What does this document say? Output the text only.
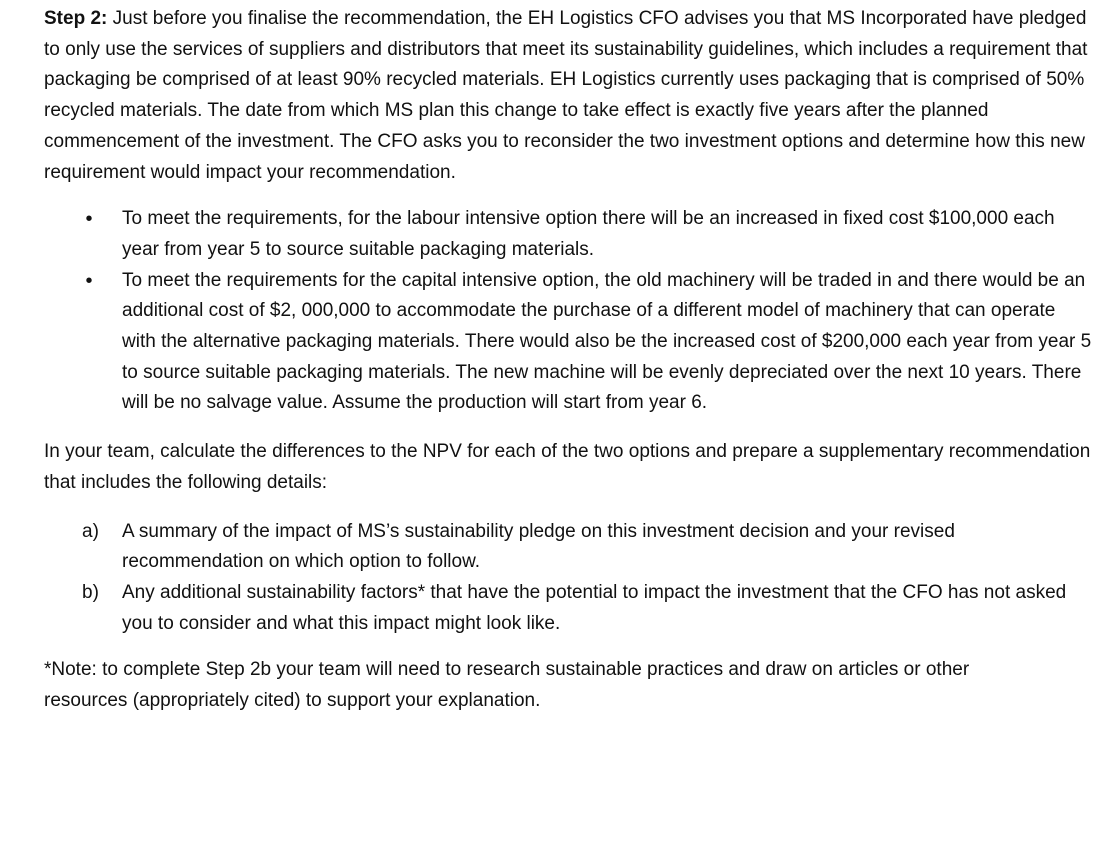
Step 2: Just before you finalise the recommendation, the EH Logistics CFO advises you that MS Incorporated have pledged to only use the services of suppliers and distributors that meet its sustainability guidelines, which includes a requirement that packaging be comprised of at least 90% recycled materials. EH Logistics currently uses packaging that is comprised of 50% recycled materials. The date from which MS plan this change to take effect is exactly five years after the planned commencement of the investment. The CFO asks you to reconsider the two investment options and determine how this new requirement would impact your recommendation.

• To meet the requirements, for the labour intensive option there will be an increased in fixed cost $100,000 each year from year 5 to source suitable packaging materials.
• To meet the requirements for the capital intensive option, the old machinery will be traded in and there would be an additional cost of $2, 000,000 to accommodate the purchase of a different model of machinery that can operate with the alternative packaging materials. There would also be the increased cost of $200,000 each year from year 5 to source suitable packaging materials. The new machine will be evenly depreciated over the next 10 years. There will be no salvage value. Assume the production will start from year 6.

In your team, calculate the differences to the NPV for each of the two options and prepare a supplementary recommendation that includes the following details:

a) A summary of the impact of MS’s sustainability pledge on this investment decision and your revised recommendation on which option to follow.
b) Any additional sustainability factors* that have the potential to impact the investment that the CFO has not asked you to consider and what this impact might look like.

*Note: to complete Step 2b your team will need to research sustainable practices and draw on articles or other resources (appropriately cited) to support your explanation.
